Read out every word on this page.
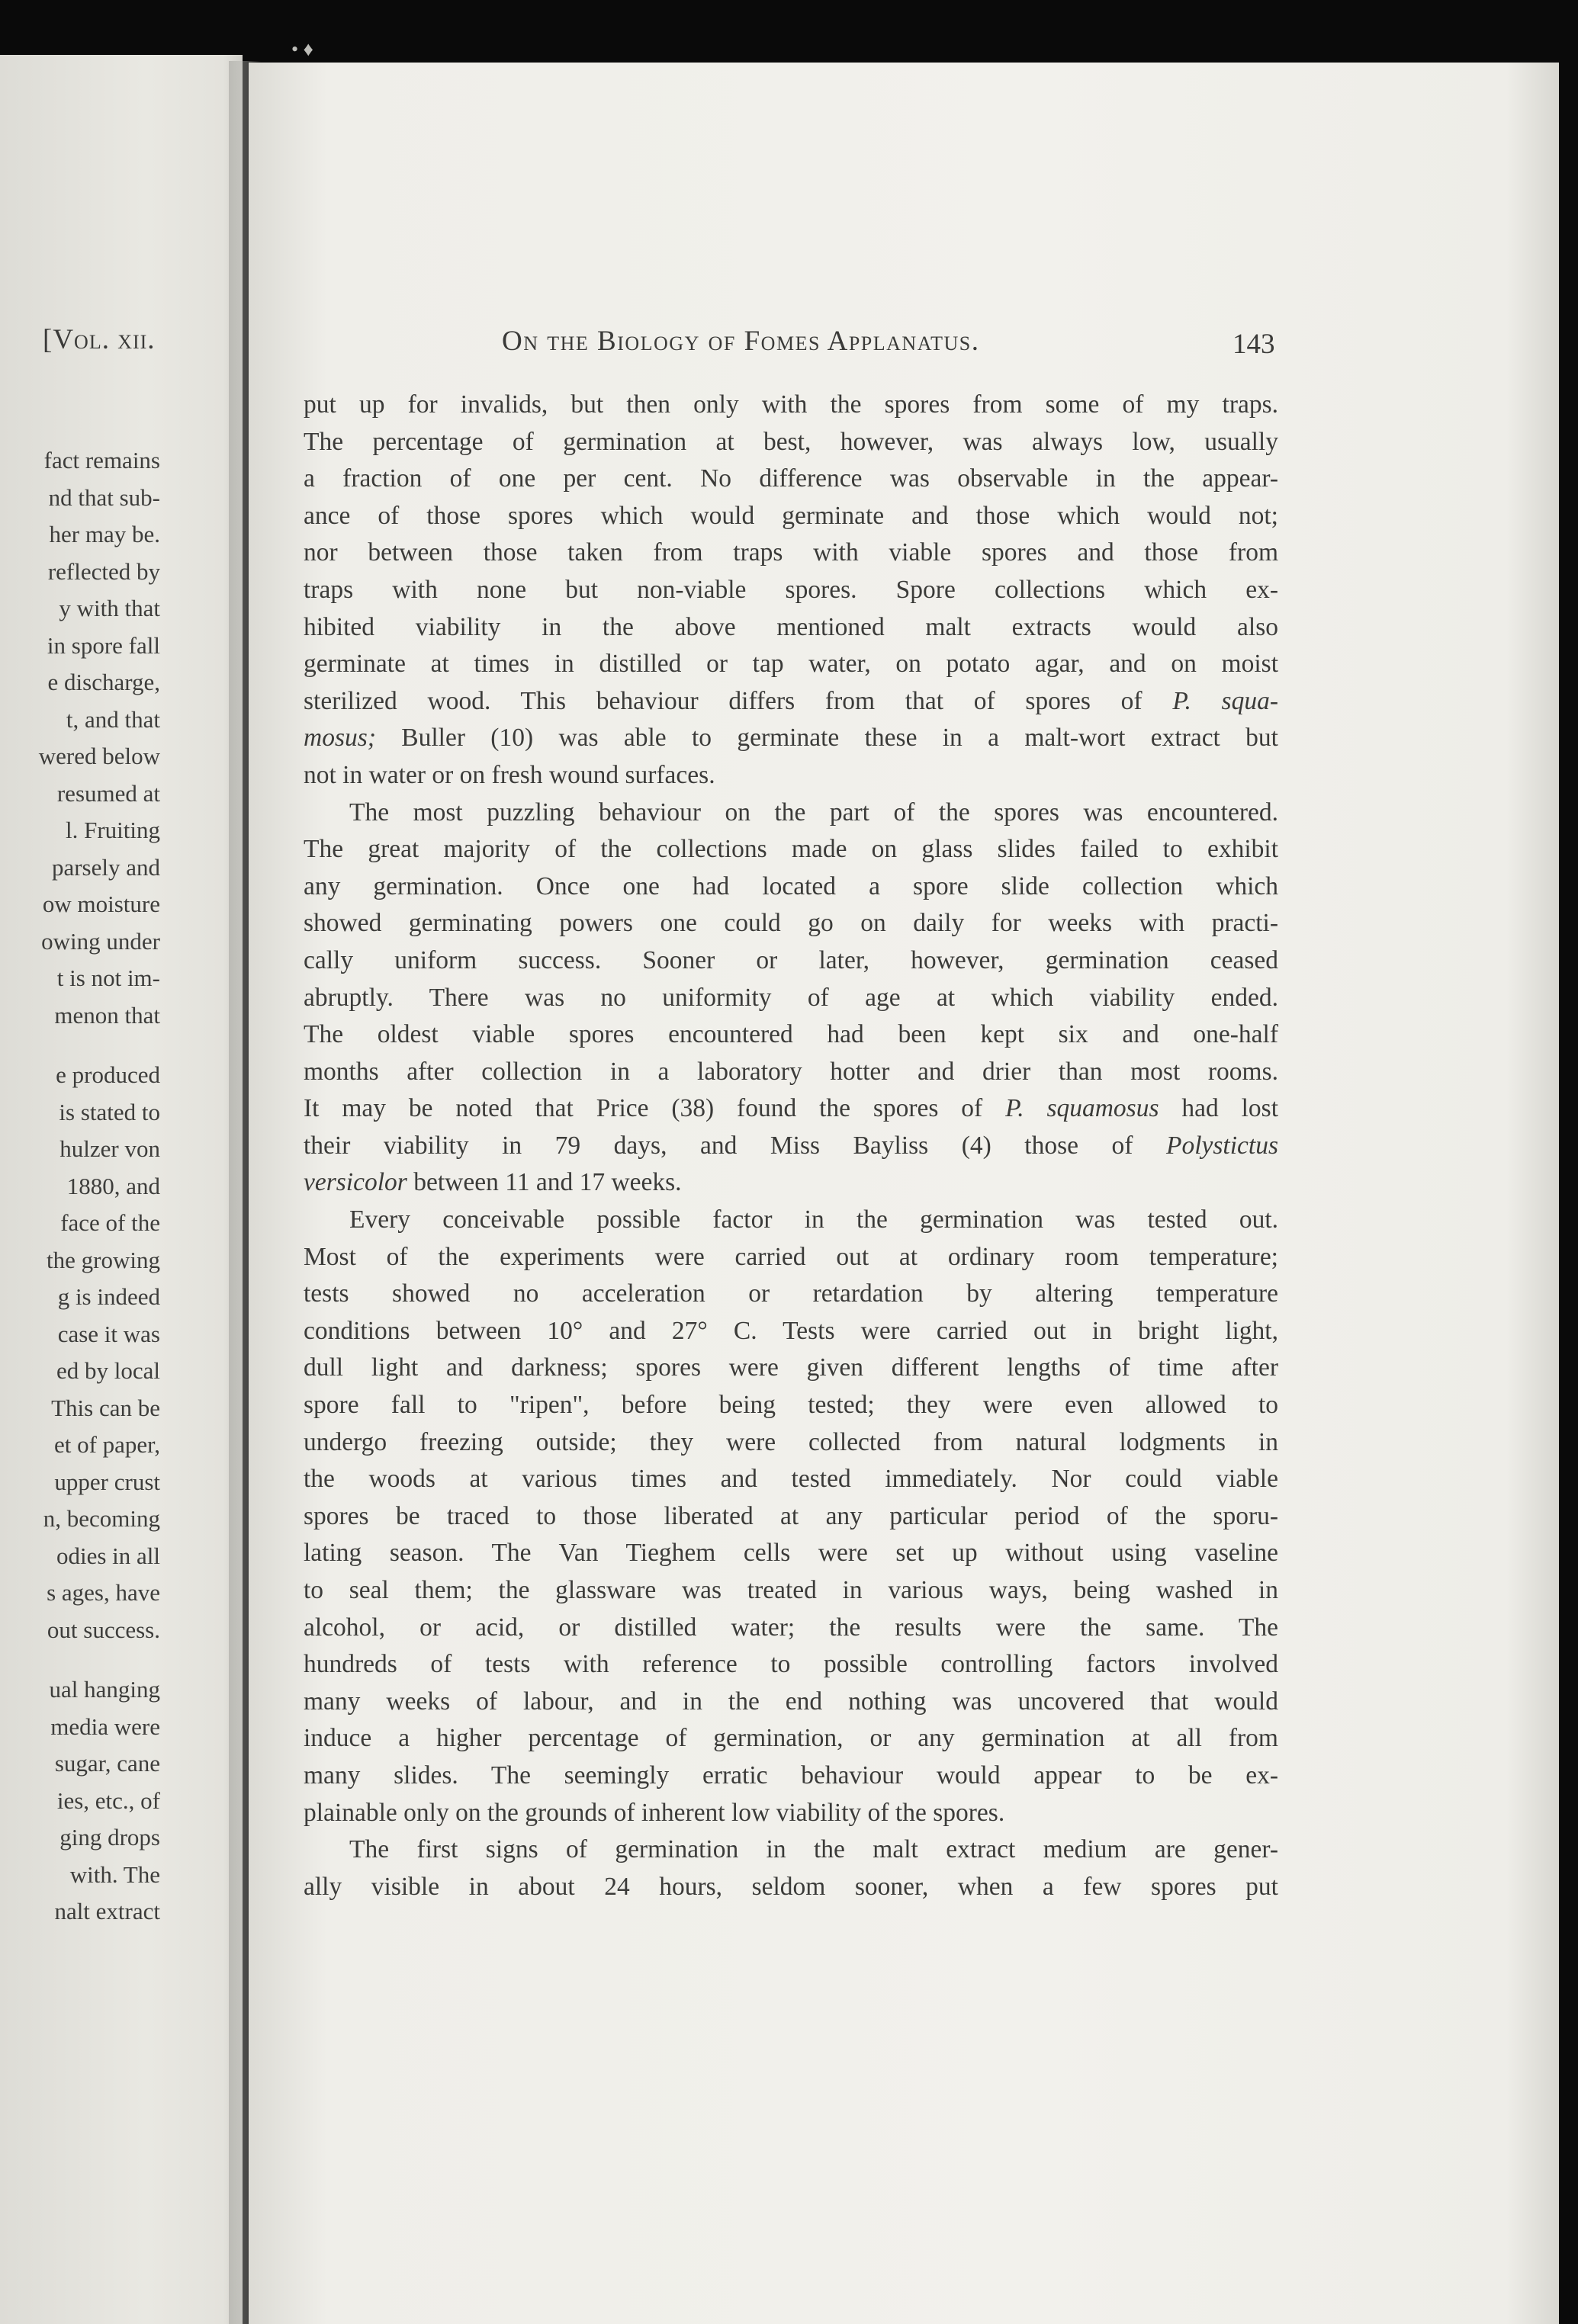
• ♦
[Vol. xii.
fact remains
nd that sub-
her may be.
reflected by
y with that
in spore fall
e discharge,
t, and that
wered below
resumed at
l. Fruiting
parsely and
ow moisture
owing under
t is not im-
menon that
e produced
is stated to
hulzer von
1880, and
face of the
the growing
g is indeed
case it was
ed by local
This can be
et of paper,
upper crust
n, becoming
odies in all
s ages, have
out success.
ual hanging
media were
sugar, cane
ies, etc., of
ging drops
with. The
nalt extract
On the Biology of Fomes Applanatus.	143

put up for invalids, but then only with the spores from some of my traps.
The percentage of germination at best, however, was always low, usually
a fraction of one per cent. No difference was observable in the appear-
ance of those spores which would germinate and those which would not;
nor between those taken from traps with viable spores and those from
traps with none but non-viable spores. Spore collections which ex-
hibited viability in the above mentioned malt extracts would also
germinate at times in distilled or tap water, on potato agar, and on moist
sterilized wood. This behaviour differs from that of spores of P. squa-
mosus; Buller (10) was able to germinate these in a malt-wort extract but
not in water or on fresh wound surfaces.

The most puzzling behaviour on the part of the spores was encountered.
The great majority of the collections made on glass slides failed to exhibit
any germination. Once one had located a spore slide collection which
showed germinating powers one could go on daily for weeks with practi-
cally uniform success. Sooner or later, however, germination ceased
abruptly. There was no uniformity of age at which viability ended.
The oldest viable spores encountered had been kept six and one-half
months after collection in a laboratory hotter and drier than most rooms.
It may be noted that Price (38) found the spores of P. squamosus had lost
their viability in 79 days, and Miss Bayliss (4) those of Polystictus
versicolor between 11 and 17 weeks.

Every conceivable possible factor in the germination was tested out.
Most of the experiments were carried out at ordinary room temperature;
tests showed no acceleration or retardation by altering temperature
conditions between 10° and 27° C. Tests were carried out in bright light,
dull light and darkness; spores were given different lengths of time after
spore fall to "ripen", before being tested; they were even allowed to
undergo freezing outside; they were collected from natural lodgments in
the woods at various times and tested immediately. Nor could viable
spores be traced to those liberated at any particular period of the sporu-
lating season. The Van Tieghem cells were set up without using vaseline
to seal them; the glassware was treated in various ways, being washed in
alcohol, or acid, or distilled water; the results were the same. The
hundreds of tests with reference to possible controlling factors involved
many weeks of labour, and in the end nothing was uncovered that would
induce a higher percentage of germination, or any germination at all from
many slides. The seemingly erratic behaviour would appear to be ex-
plainable only on the grounds of inherent low viability of the spores.

The first signs of germination in the malt extract medium are gener-
ally visible in about 24 hours, seldom sooner, when a few spores put
